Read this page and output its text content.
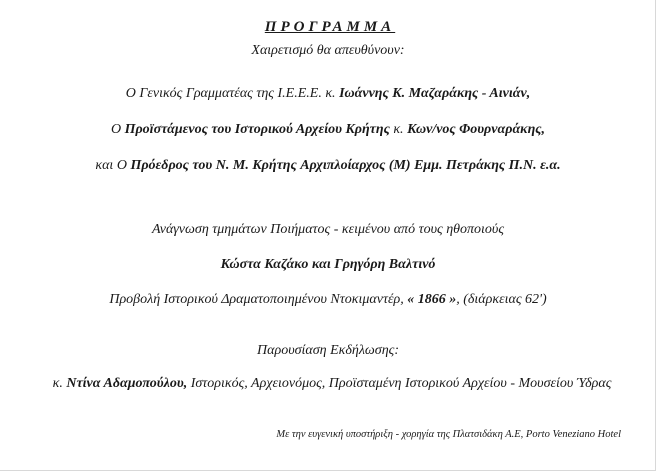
ΠΡΟΓΡΑΜΜΑ
Χαιρετισμό θα απευθύνουν:
Ο Γενικός Γραμματέας της Ι.Ε.Ε.Ε. κ. Ιωάννης Κ. Μαζαράκης - Αινιάν,
Ο Προϊστάμενος του Ιστορικού Αρχείου Κρήτης κ. Κων/νος Φουρναράκης,
και Ο Πρόεδρος του Ν. Μ. Κρήτης Αρχιπλοίαρχος (Μ) Εμμ. Πετράκης Π.Ν. ε.α.
Ανάγνωση τμημάτων Ποιήματος - κειμένου από τους ηθοποιούς
Κώστα Καζάκο και Γρηγόρη Βαλτινό
Προβολή Ιστορικού Δραματοποιημένου Ντοκιμαντέρ, « 1866 », (διάρκειας 62')
Παρουσίαση Εκδήλωσης:
κ. Ντίνα Αδαμοπούλου, Ιστορικός, Αρχειονόμος, Προϊσταμένη Ιστορικού Αρχείου - Μουσείου Ύδρας
Με την ευγενική υποστήριξη - χορηγία της Πλατσιδάκη Α.Ε, Porto Veneziano Hotel
